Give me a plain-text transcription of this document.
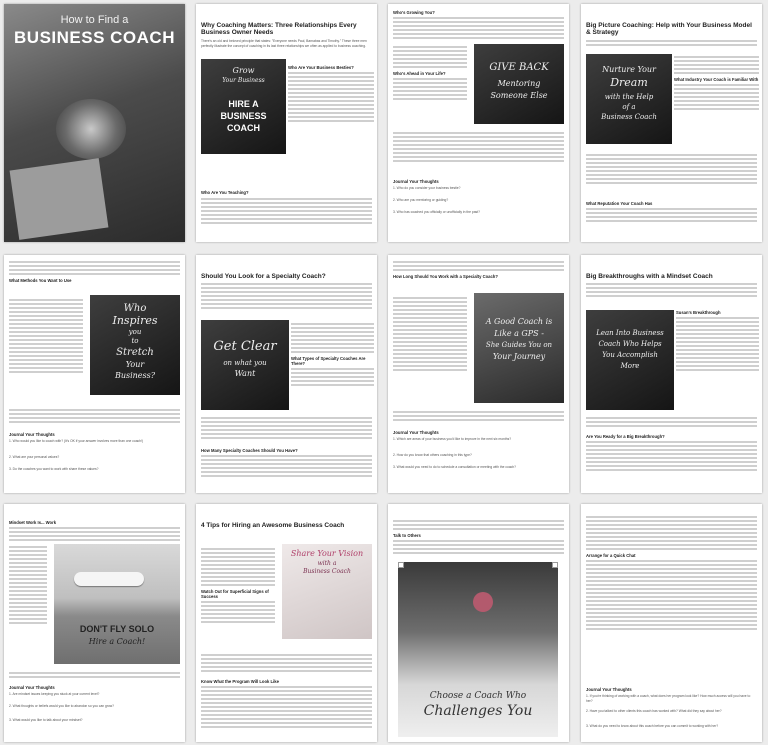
How to Find a
BUSINESS COACH
Why Coaching Matters: Three Relationships Every Business Owner Needs
There's an old and beloved principle that states: "Everyone needs Paul, Barnabas and Timothy." These three men perfectly illustrate the concept of coaching in its last three relationships we often as applied to business coaching.
Grow
Your Business
HIRE A
BUSINESS
COACH
Who Are Your Business Besties?
Who Are You Teaching?
Who's Growing You?
GIVE BACK
Mentoring
Someone Else
Who's Ahead in Your Life?
Journal Your Thoughts
1. Who do you consider your business bestie?
2. Who are you mentoring or guiding?
3. Who has coached you officially or unofficially in the past?
Big Picture Coaching: Help with Your Business Model & Strategy
Nurture Your
Dream
with the Help
of a
Business Coach
What Industry Your Coach is Familiar With
What Reputation Your Coach Has
What Methods You Want to Use
Who
Inspires
you
to
Stretch
Your
Business?
Journal Your Thoughts
1. Who would you like to coach with? (It's OK if your answer involves more than one coach!)
2. What are your personal values?
3. Do the coaches you want to work with share these values?
Should You Look for a Specialty Coach?
Get Clear
on what you
Want
What Types of Specialty Coaches Are There?
How Many Specialty Coaches Should You Have?
How Long Should You Work with a Specialty Coach?
A Good Coach is
Like a GPS -
She Guides You on
Your Journey
Journal Your Thoughts
1. Which are areas of your business you'd like to improve in the next six months?
2. How do you know that others coaching in this type?
3. What would you need to do to schedule a consultation or meeting with the coach?
Big Breakthroughs with a Mindset Coach
Lean Into Business
Coach Who Helps
You Accomplish
More
Susan's Breakthrough
Are You Ready for a Big Breakthrough?
Mindset Work Is... Work
DON'T FLY SOLO
Hire a Coach!
Journal Your Thoughts
1. Are mindset issues keeping you stuck at your current level?
2. What thoughts or beliefs would you like to abandon so you can grow?
3. What would you like to talk about your mindset?
4 Tips for Hiring an Awesome Business Coach
Watch Out for Superficial Signs of Success
Share Your Vision
with a
Business Coach
Know What the Program Will Look Like
Talk to Others
Choose a Coach Who
Challenges You
Arrange for a Quick Chat
Journal Your Thoughts
1. If you're thinking of working with a coach, what does her program look like? How much access will you have to her?
2. Have you talked to other clients this coach has worked with? What did they say about her?
3. What do you need to know about this coach before you can commit to working with her?
